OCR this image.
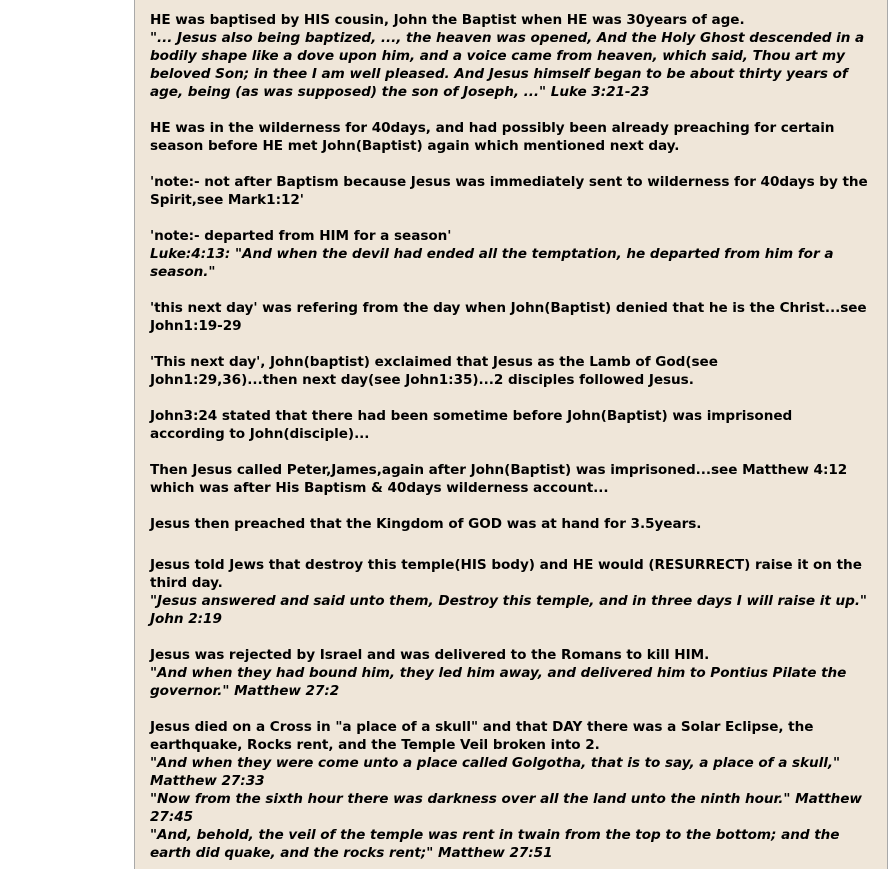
HE was baptised by HIS cousin, John the Baptist when HE was 30years of age.
"... Jesus also being baptized, ..., the heaven was opened, And the Holy Ghost descended in a bodily shape like a dove upon him, and a voice came from heaven, which said, Thou art my beloved Son; in thee I am well pleased. And Jesus himself began to be about thirty years of age, being (as was supposed) the son of Joseph, ..." Luke 3:21-23
HE was in the wilderness for 40days, and had possibly been already preaching for certain season before HE met John(Baptist) again which mentioned next day.
'note:- not after Baptism because Jesus was immediately sent to wilderness for 40days by the Spirit,see Mark1:12'
'note:- departed from HIM for a season'
Luke:4:13: "And when the devil had ended all the temptation, he departed from him for a season."
'this next day' was refering from the day when John(Baptist) denied that he is the Christ...see John1:19-29
'This next day', John(baptist) exclaimed that Jesus as the Lamb of God(see John1:29,36)...then next day(see John1:35)...2 disciples followed Jesus.
John3:24 stated that there had been sometime before John(Baptist) was imprisoned according to John(disciple)...
Then Jesus called Peter,James,again after John(Baptist) was imprisoned...see Matthew 4:12 which was after His Baptism & 40days wilderness account...
Jesus then preached that the Kingdom of GOD was at hand for 3.5years.
Jesus told Jews that destroy this temple(HIS body) and HE would (RESURRECT) raise it on the third day.
"Jesus answered and said unto them, Destroy this temple, and in three days I will raise it up." John 2:19
Jesus was rejected by Israel and was delivered to the Romans to kill HIM.
"And when they had bound him, they led him away, and delivered him to Pontius Pilate the governor." Matthew 27:2
Jesus died on a Cross in "a place of a skull" and that DAY there was a Solar Eclipse, the earthquake, Rocks rent, and the Temple Veil broken into 2.
"And when they were come unto a place called Golgotha, that is to say, a place of a skull," Matthew 27:33
"Now from the sixth hour there was darkness over all the land unto the ninth hour." Matthew 27:45
"And, behold, the veil of the temple was rent in twain from the top to the bottom; and the earth did quake, and the rocks rent;" Matthew 27:51
